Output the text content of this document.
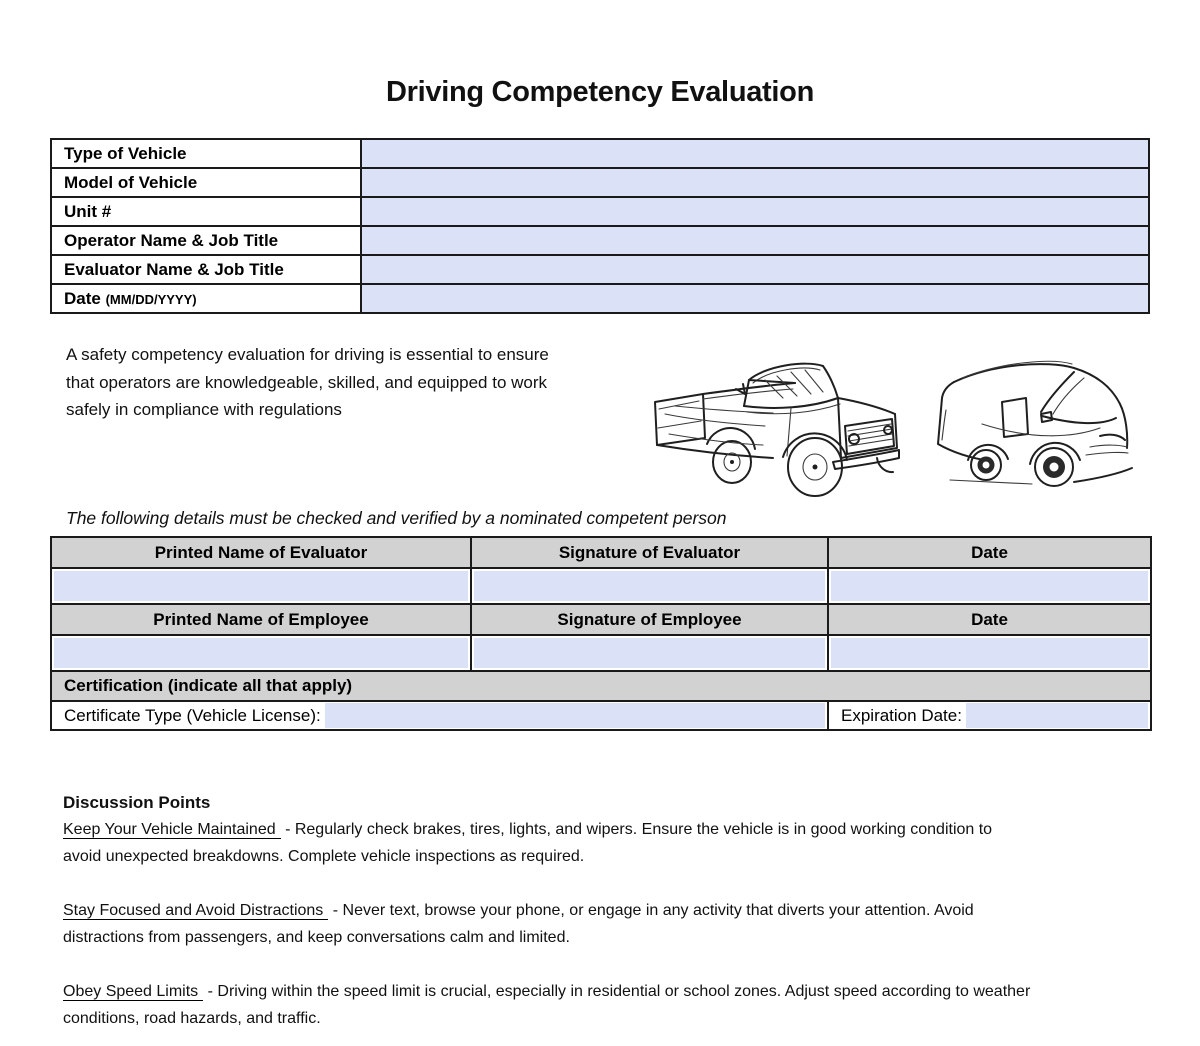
Driving Competency Evaluation
Type of Vehicle	
Model of Vehicle	
Unit #	
Operator Name & Job Title	
Evaluator Name & Job Title	
Date (MM/DD/YYYY)	
A safety competency evaluation for driving is essential to ensure that operators are knowledgeable, skilled, and equipped to work safely in compliance with regulations
The following details must be checked and verified by a nominated competent person
Printed Name of Evaluator	Signature of Evaluator	Date

Printed Name of Employee	Signature of Employee	Date

Certification (indicate all that apply)		

Certificate Type (Vehicle License):		Expiration Date:
Discussion Points

Keep Your Vehicle Maintained - Regularly check brakes, tires, lights, and wipers. Ensure the vehicle is in good working condition to avoid unexpected breakdowns. Complete vehicle inspections as required.

Stay Focused and Avoid Distractions - Never text, browse your phone, or engage in any activity that diverts your attention. Avoid distractions from passengers, and keep conversations calm and limited.

Obey Speed Limits - Driving within the speed limit is crucial, especially in residential or school zones. Adjust speed according to weather conditions, road hazards, and traffic.
